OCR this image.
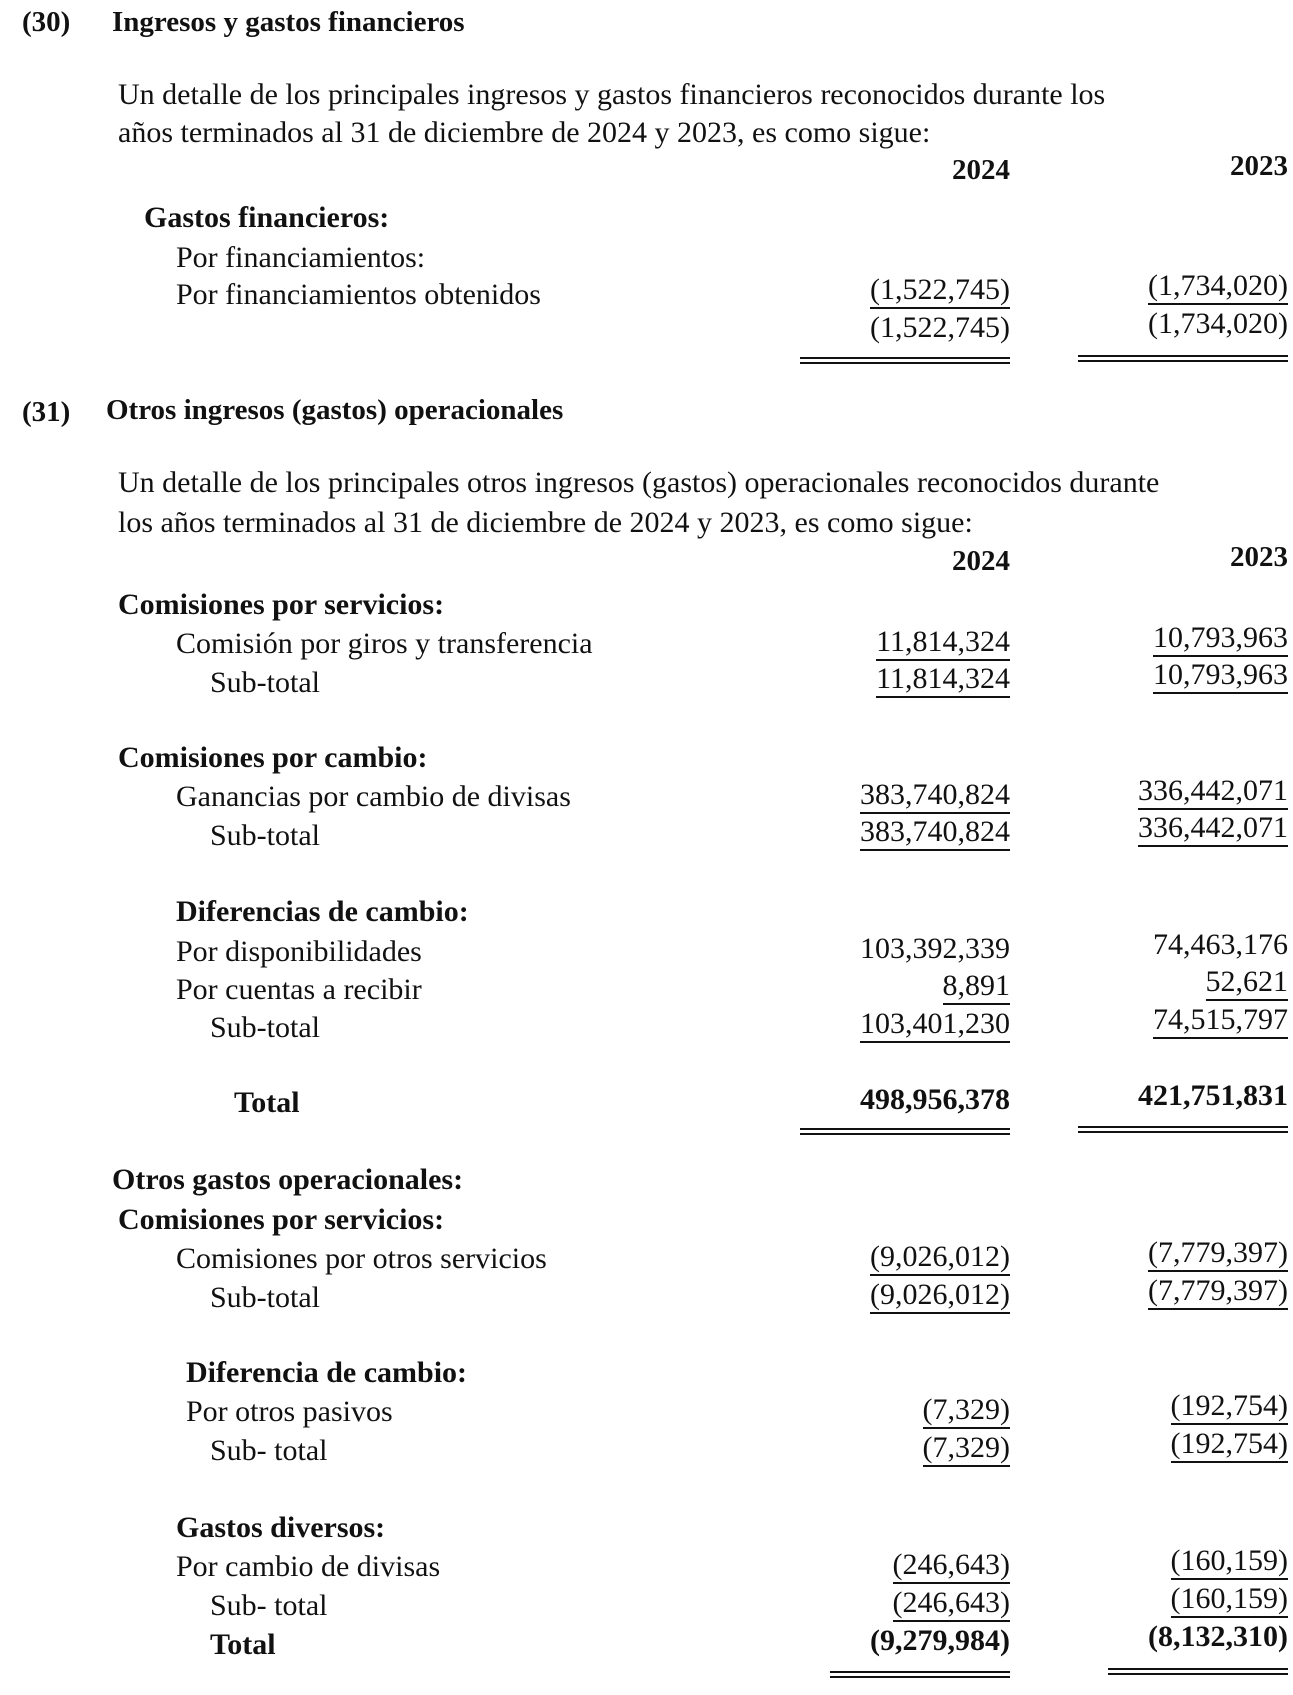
(30) Ingresos y gastos financieros
Un detalle de los principales ingresos y gastos financieros reconocidos durante los
años terminados al 31 de diciembre de 2024 y 2023, es como sigue:
2024	2023
Gastos financieros:
Por financiamientos:
Por financiamientos obtenidos	(1,522,745)	(1,734,020)
(1,522,745)	(1,734,020)
(31) Otros ingresos (gastos) operacionales
Un detalle de los principales otros ingresos (gastos) operacionales reconocidos durante
los años terminados al 31 de diciembre de 2024 y 2023, es como sigue:
2024	2023
Comisiones por servicios:
Comisión por giros y transferencia	11,814,324	10,793,963
Sub-total	11,814,324	10,793,963
Comisiones por cambio:
Ganancias por cambio de divisas	383,740,824	336,442,071
Sub-total	383,740,824	336,442,071
Diferencias de cambio:
Por disponibilidades	103,392,339	74,463,176
Por cuentas a recibir	8,891	52,621
Sub-total	103,401,230	74,515,797
Total	498,956,378	421,751,831
Otros gastos operacionales:
Comisiones por servicios:
Comisiones por otros servicios	(9,026,012)	(7,779,397)
Sub-total	(9,026,012)	(7,779,397)
Diferencia de cambio:
Por otros pasivos	(7,329)	(192,754)
Sub- total	(7,329)	(192,754)
Gastos diversos:
Por cambio de divisas	(246,643)	(160,159)
Sub- total	(246,643)	(160,159)
Total	(9,279,984)	(8,132,310)
